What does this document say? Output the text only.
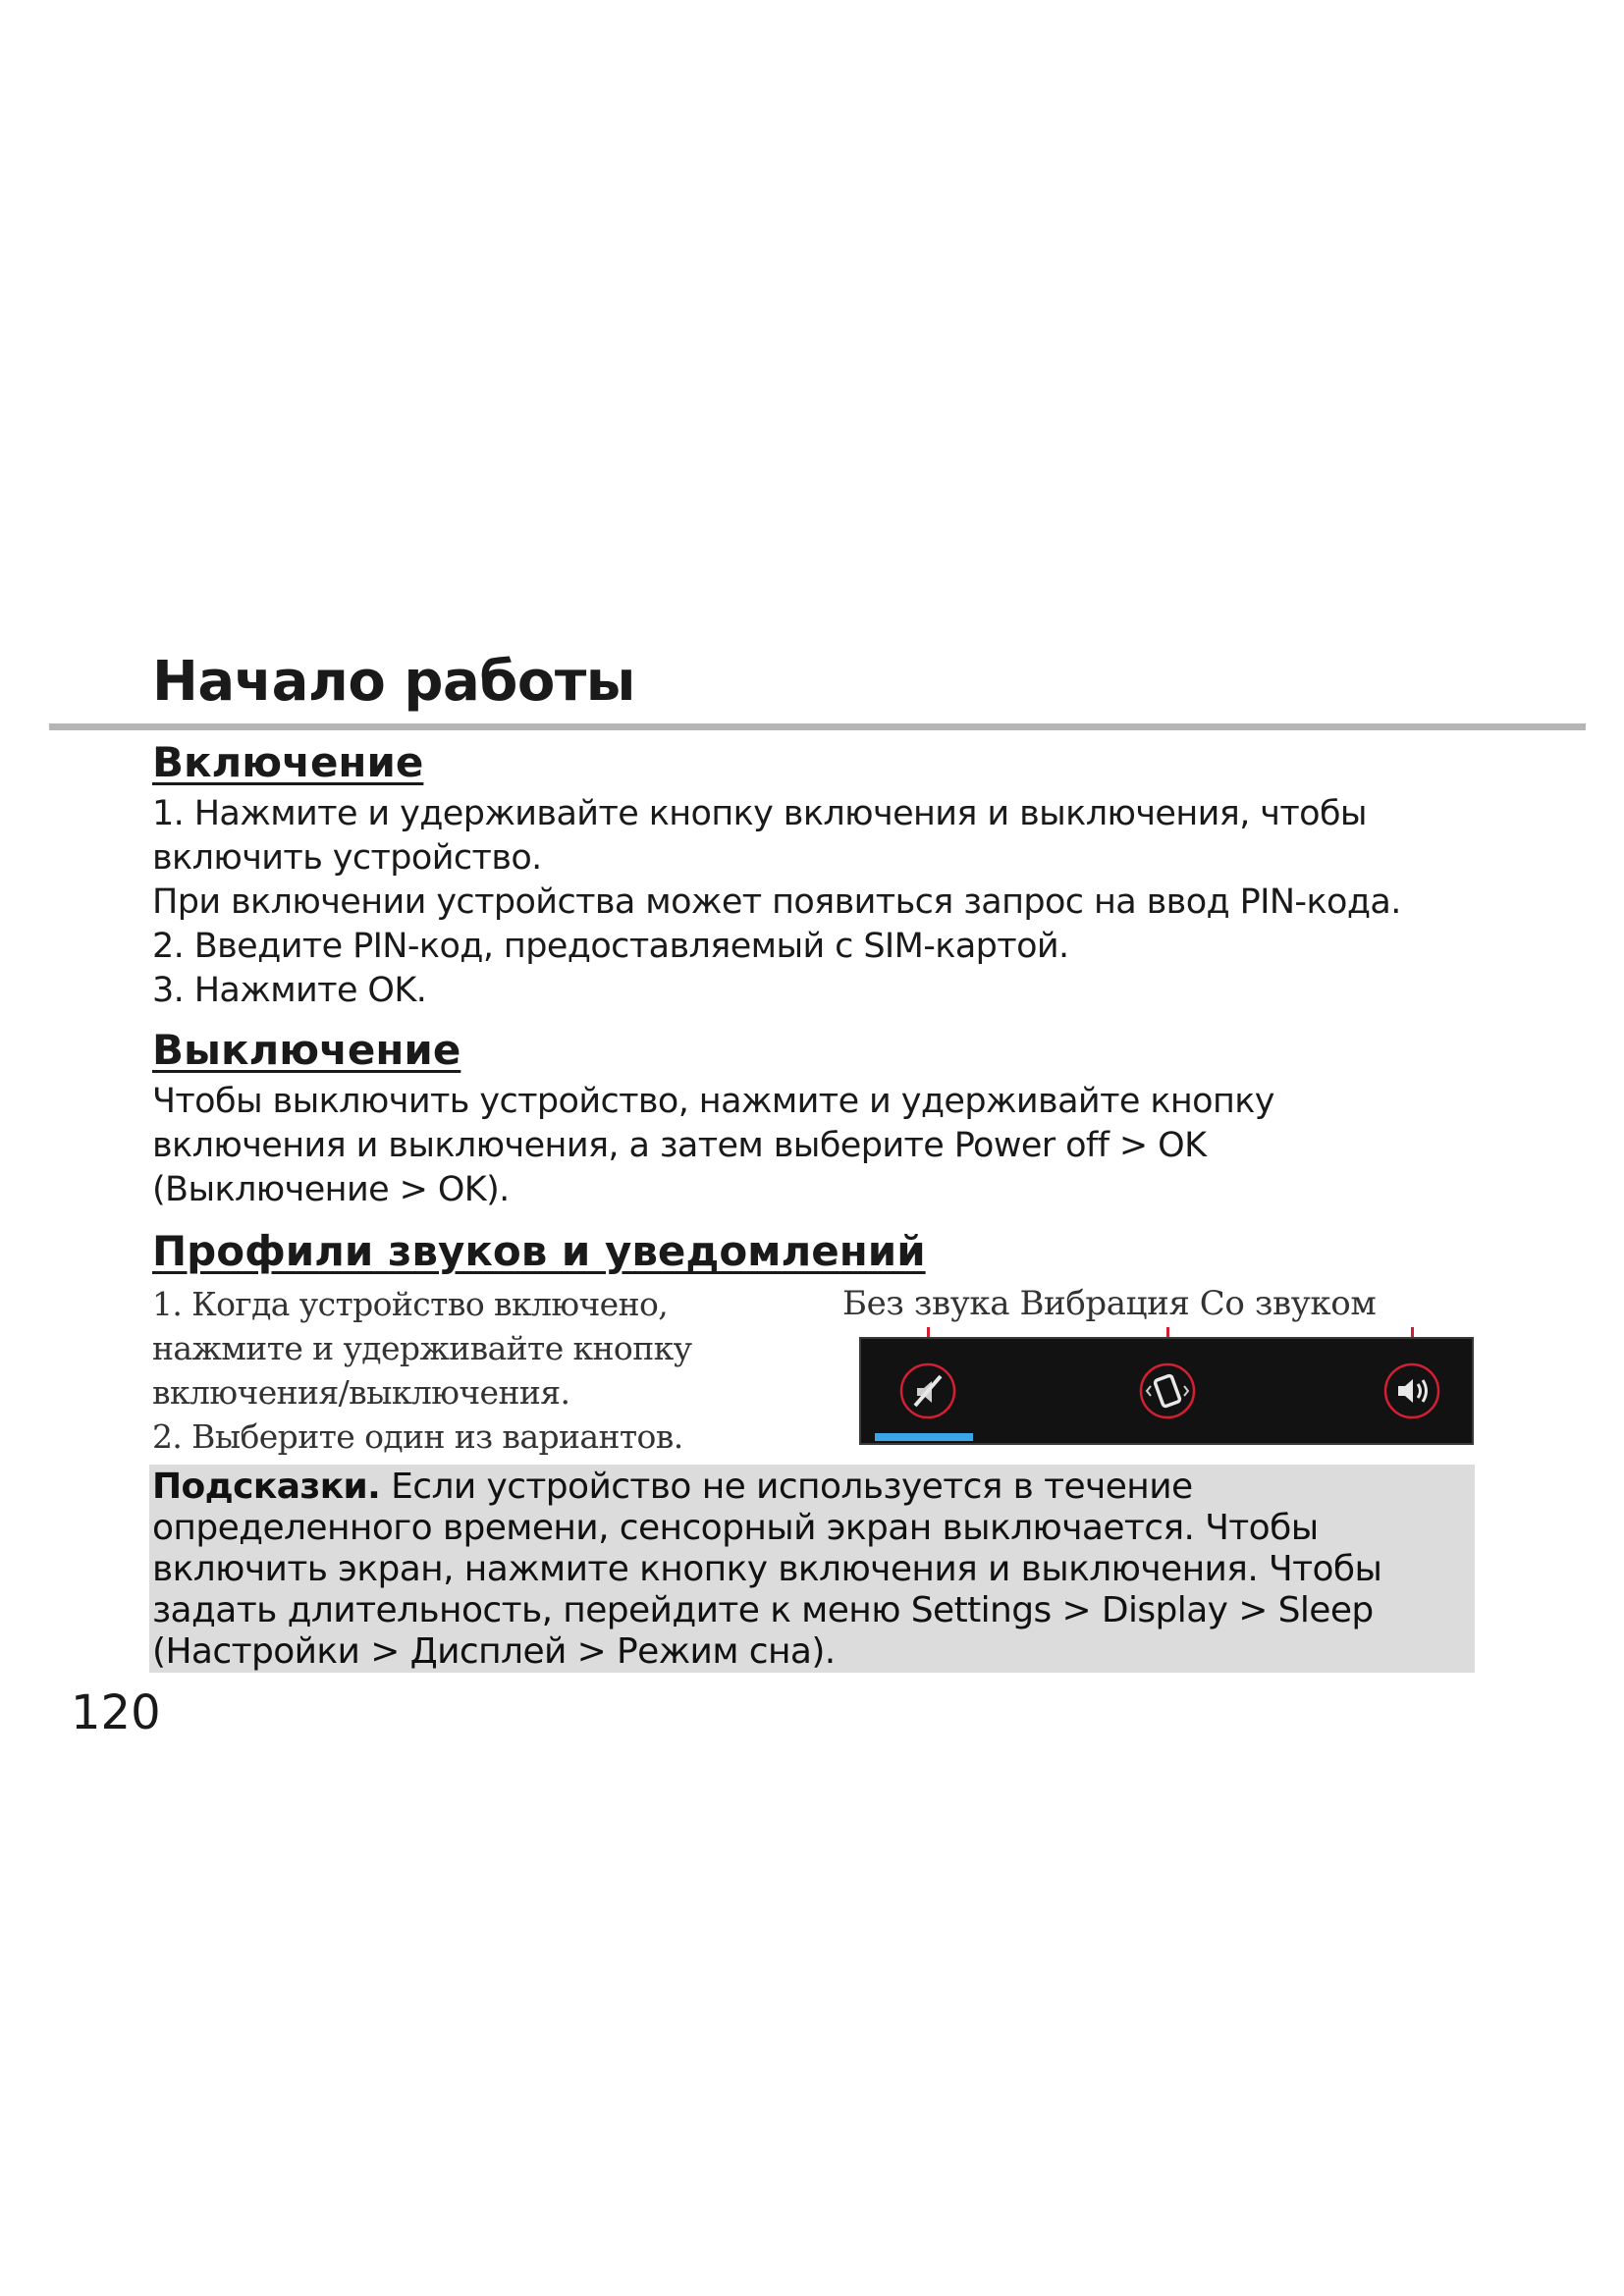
Начало работы
Включение
1. Нажмите и удерживайте кнопку включения и выключения, чтобы
включить устройство.
При включении устройства может появиться запрос на ввод PIN-кода.
2. Введите PIN-код, предоставляемый с SIM-картой.
3. Нажмите OK.
Выключение
Чтобы выключить устройство, нажмите и удерживайте кнопку
включения и выключения, а затем выберите Power off > OK
(Выключение > OK).
Профили звуков и уведомлений
1. Когда устройство включено,
нажмите и удерживайте кнопку
включения/выключения.
2. Выберите один из вариантов.
Без звука Вибрация Со звуком
Подсказки. Если устройство не используется в течение
определенного времени, сенсорный экран выключается. Чтобы
включить экран, нажмите кнопку включения и выключения. Чтобы
задать длительность, перейдите к меню Settings > Display > Sleep
(Настройки > Дисплей > Режим сна).
120
